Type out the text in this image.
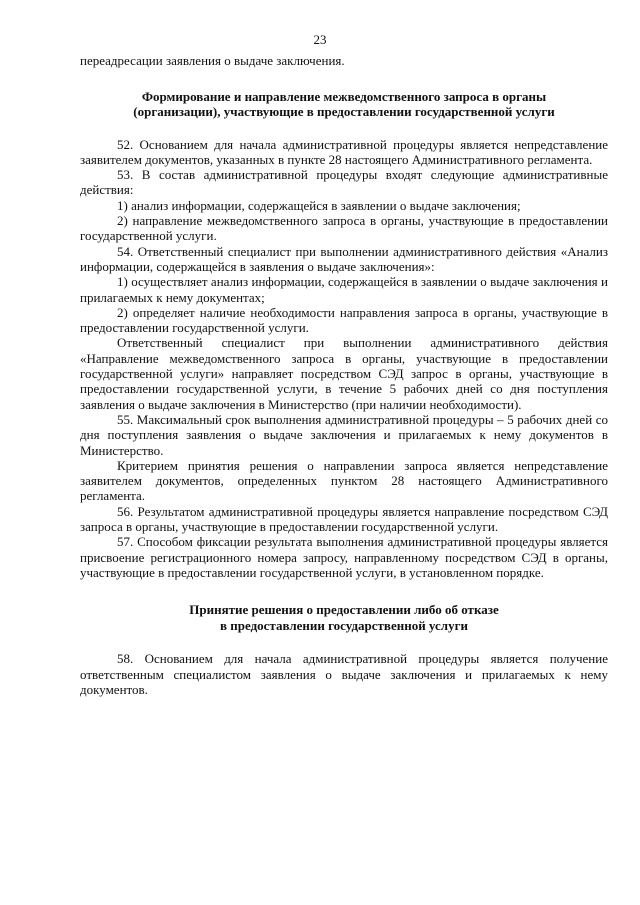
23

переадресации заявления о выдаче заключения.

Формирование и направление межведомственного запроса в органы
(организации), участвующие в предоставлении государственной услуги

52. Основанием для начала административной процедуры является непредставление заявителем документов, указанных в пункте 28 настоящего Административного регламента.

53. В состав административной процедуры входят следующие административные действия:

1) анализ информации, содержащейся в заявлении о выдаче заключения;

2) направление межведомственного запроса в органы, участвующие в предоставлении государственной услуги.

54. Ответственный специалист при выполнении административного действия «Анализ информации, содержащейся в заявления о выдаче заключения»:

1) осуществляет анализ информации, содержащейся в заявлении о выдаче заключения и прилагаемых к нему документах;

2) определяет наличие необходимости направления запроса в органы, участвующие в предоставлении государственной услуги.

Ответственный специалист при выполнении административного действия «Направление межведомственного запроса в органы, участвующие в предоставлении государственной услуги» направляет посредством СЭД запрос в органы, участвующие в предоставлении государственной услуги, в течение 5 рабочих дней со дня поступления заявления о выдаче заключения в Министерство (при наличии необходимости).

55. Максимальный срок выполнения административной процедуры – 5 рабочих дней со дня поступления заявления о выдаче заключения и прилагаемых к нему документов в Министерство.

Критерием принятия решения о направлении запроса является непредставление заявителем документов, определенных пунктом 28 настоящего Административного регламента.

56. Результатом административной процедуры является направление посредством СЭД запроса в органы, участвующие в предоставлении государственной услуги.

57. Способом фиксации результата выполнения административной процедуры является присвоение регистрационного номера запросу, направленному посредством СЭД в органы, участвующие в предоставлении государственной услуги, в установленном порядке.

Принятие решения о предоставлении либо об отказе
в предоставлении государственной услуги

58. Основанием для начала административной процедуры является получение ответственным специалистом заявления о выдаче заключения и прилагаемых к нему документов.
